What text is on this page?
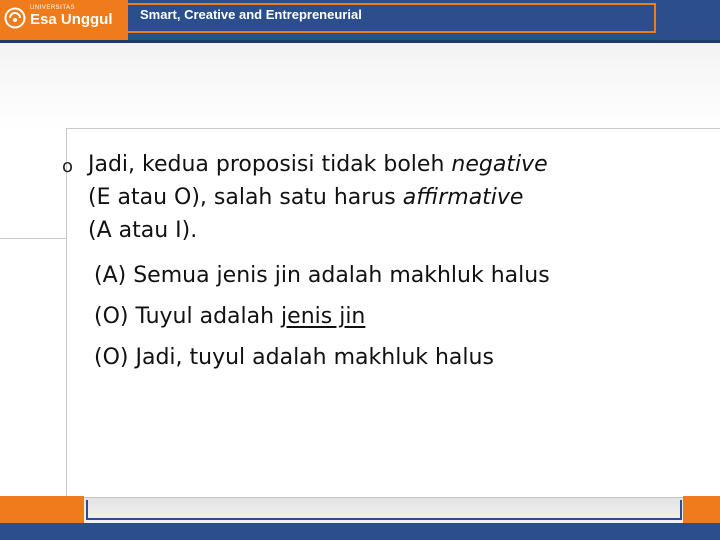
UNIVERSITAS
Esa Unggul Smart, Creative and Entrepreneurial
o Jadi, kedua proposisi tidak boleh negative
(E atau O), salah satu harus affirmative
(A atau I).
(A) Semua jenis jin adalah makhluk halus
(O) Tuyul adalah jenis jin
(O) Jadi, tuyul adalah makhluk halus
